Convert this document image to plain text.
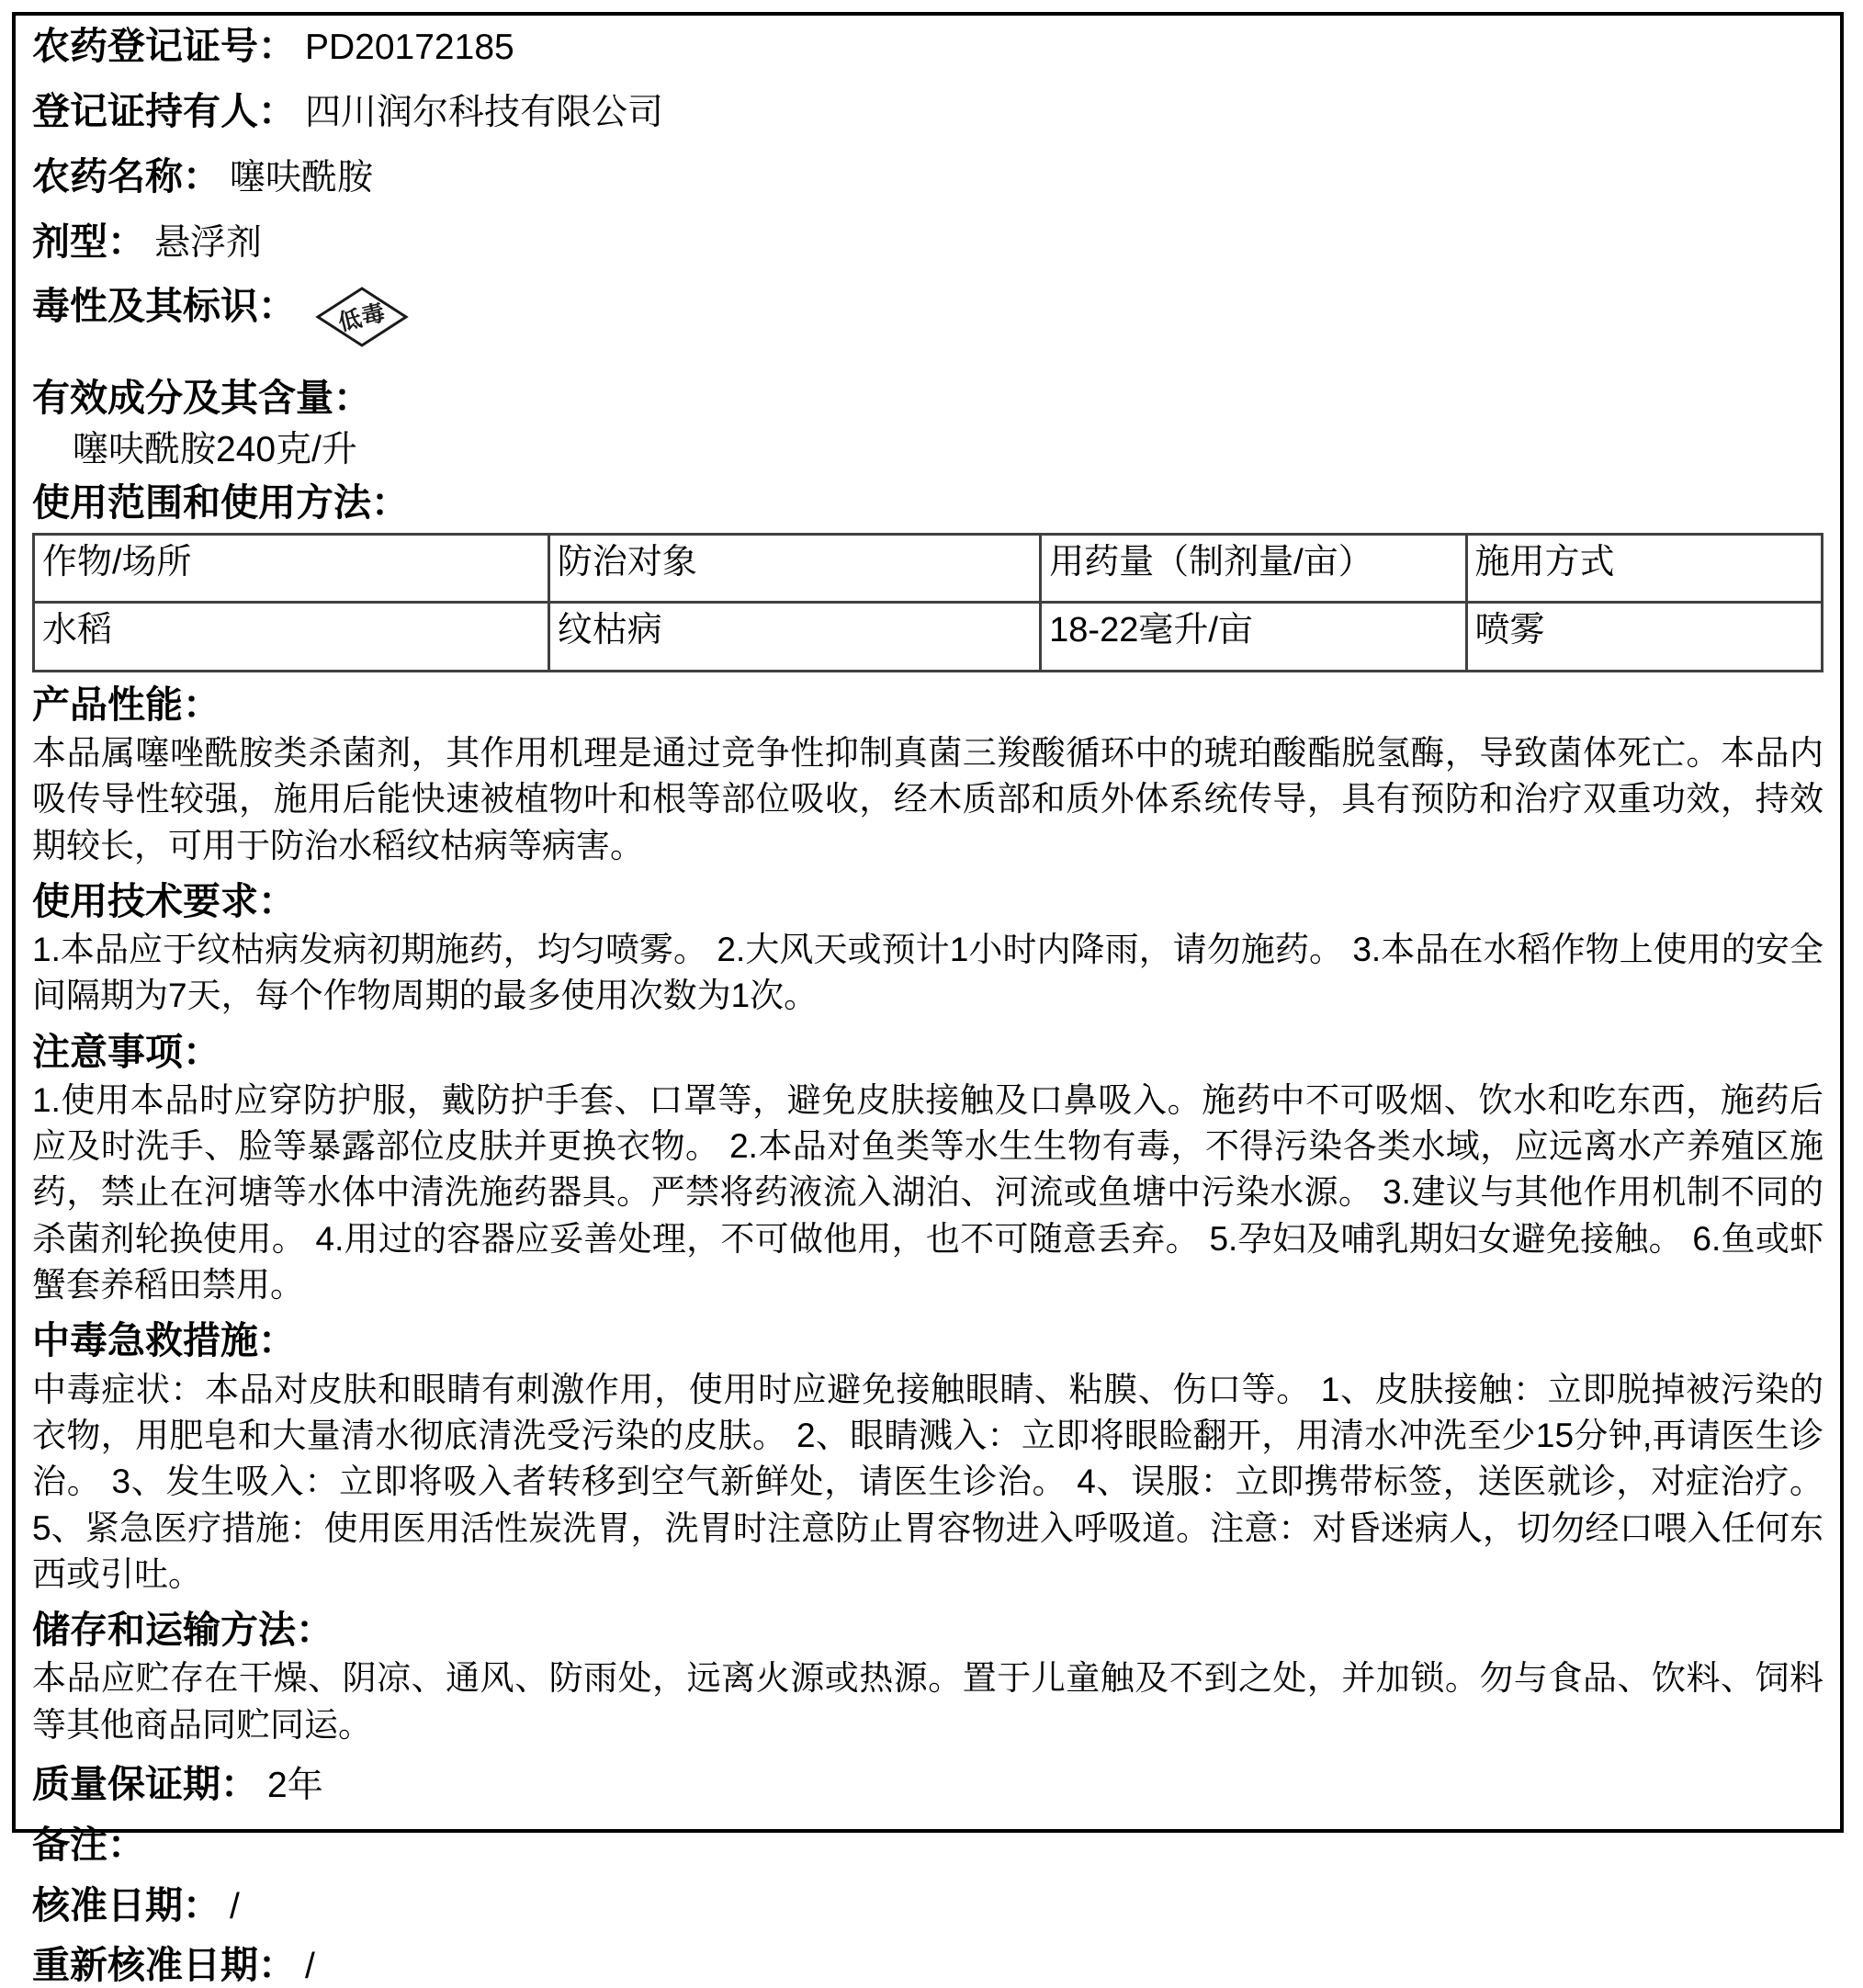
农药登记证号： PD20172185
登记证持有人： 四川润尔科技有限公司
农药名称： 噻呋酰胺
剂型： 悬浮剂
毒性及其标识： 低毒
有效成分及其含量：
噻呋酰胺240克/升
使用范围和使用方法：
作物/场所	防治对象	用药量（制剂量/亩）	施用方式
水稻	纹枯病	18-22毫升/亩	喷雾
产品性能：

本品属噻唑酰胺类杀菌剂，其作用机理是通过竞争性抑制真菌三羧酸循环中的琥珀酸酯脱氢酶，导致菌体死亡。本品内吸传导性较强，施用后能快速被植物叶和根等部位吸收，经木质部和质外体系统传导，具有预防和治疗双重功效，持效期较长，可用于防治水稻纹枯病等病害。

使用技术要求：

1.本品应于纹枯病发病初期施药，均匀喷雾。 2.大风天或预计1小时内降雨，请勿施药。 3.本品在水稻作物上使用的安全间隔期为7天，每个作物周期的最多使用次数为1次。

注意事项：

1.使用本品时应穿防护服，戴防护手套、口罩等，避免皮肤接触及口鼻吸入。施药中不可吸烟、饮水和吃东西，施药后应及时洗手、脸等暴露部位皮肤并更换衣物。 2.本品对鱼类等水生生物有毒，不得污染各类水域，应远离水产养殖区施药，禁止在河塘等水体中清洗施药器具。严禁将药液流入湖泊、河流或鱼塘中污染水源。 3.建议与其他作用机制不同的杀菌剂轮换使用。 4.用过的容器应妥善处理，不可做他用，也不可随意丢弃。 5.孕妇及哺乳期妇女避免接触。 6.鱼或虾蟹套养稻田禁用。

中毒急救措施：

中毒症状：本品对皮肤和眼睛有刺激作用，使用时应避免接触眼睛、粘膜、伤口等。 1、皮肤接触：立即脱掉被污染的衣物，用肥皂和大量清水彻底清洗受污染的皮肤。 2、眼睛溅入：立即将眼睑翻开，用清水冲洗至少15分钟,再请医生诊治。 3、发生吸入：立即将吸入者转移到空气新鲜处，请医生诊治。 4、误服：立即携带标签，送医就诊，对症治疗。 5、紧急医疗措施：使用医用活性炭洗胃，洗胃时注意防止胃容物进入呼吸道。注意：对昏迷病人，切勿经口喂入任何东西或引吐。

储存和运输方法：

本品应贮存在干燥、阴凉、通风、防雨处，远离火源或热源。置于儿童触及不到之处，并加锁。勿与食品、饮料、饲料等其他商品同贮同运。

质量保证期： 2年
备注：
核准日期： /
重新核准日期： /
